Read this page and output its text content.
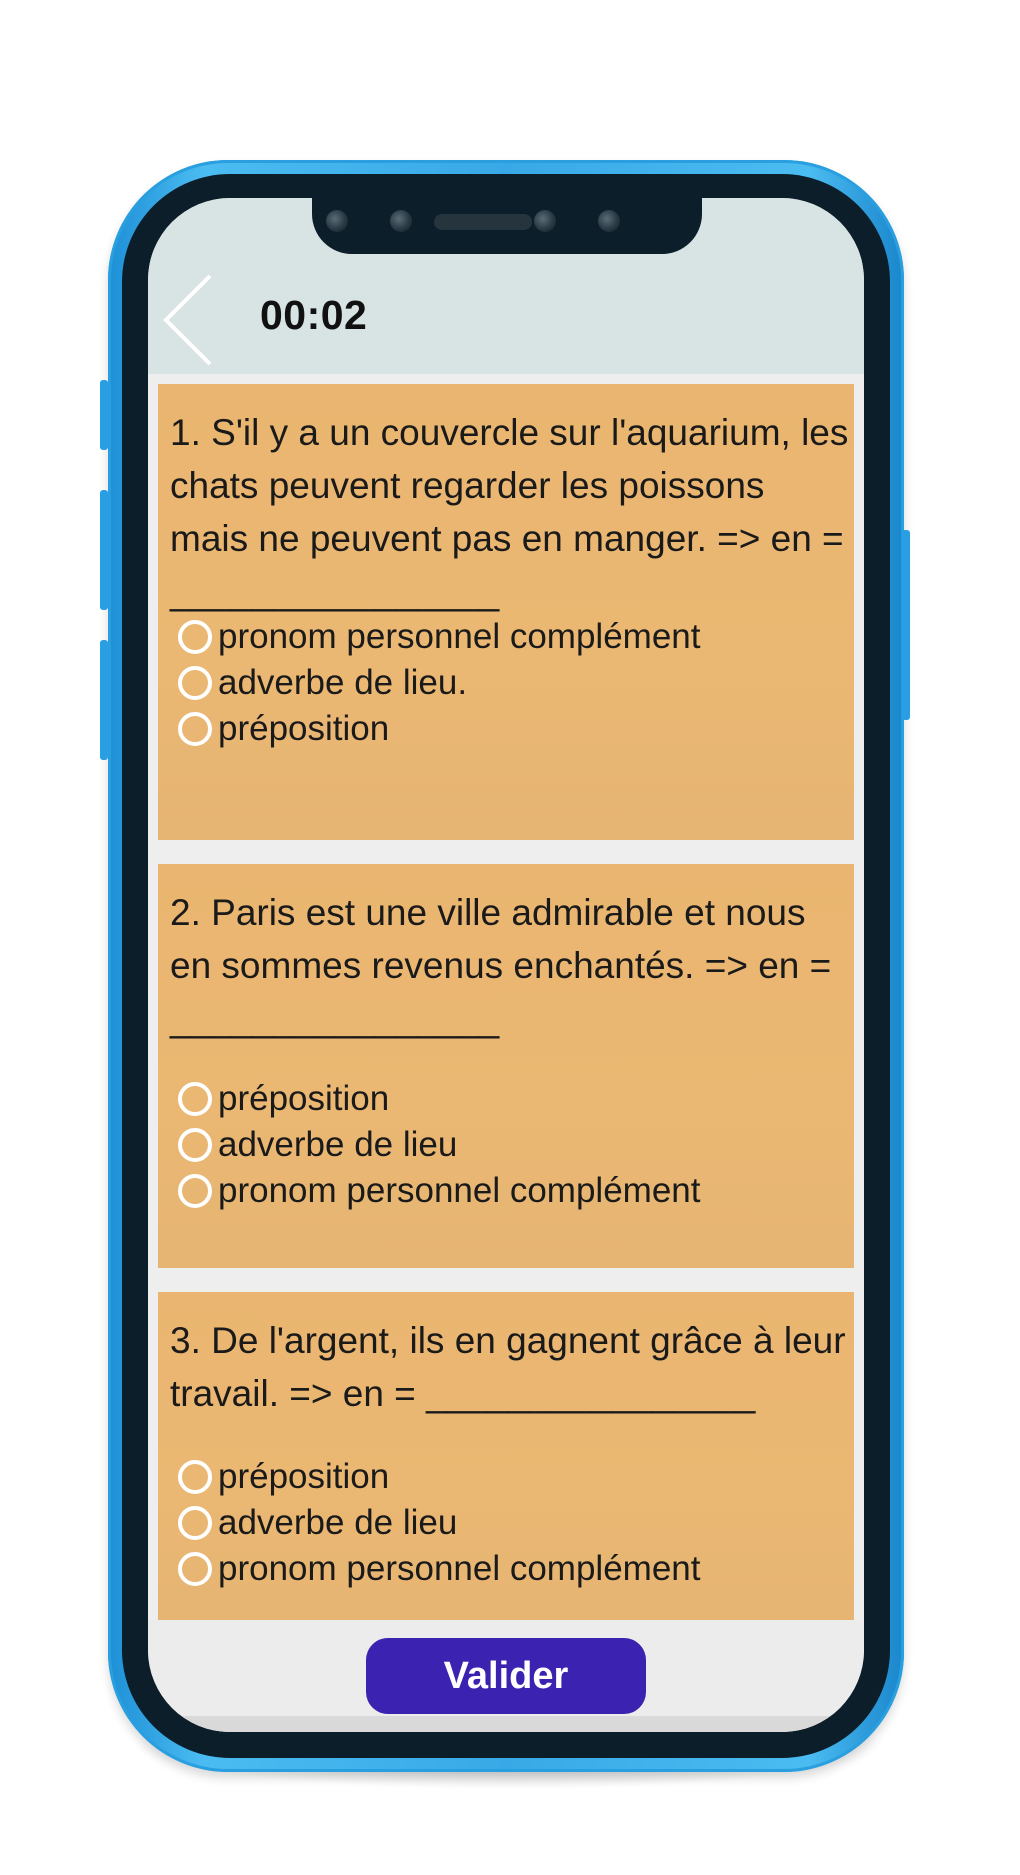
00:02

1. S'il y a un couvercle sur l'aquarium, les chats peuvent regarder les poissons mais ne peuvent pas en manger. => en = ________________

pronom personnel complément
adverbe de lieu.
préposition

2. Paris est une ville admirable et nous en sommes revenus enchantés. => en = ________________

préposition
adverbe de lieu
pronom personnel complément

3. De l'argent, ils en gagnent grâce à leur travail. => en = ________________

préposition
adverbe de lieu
pronom personnel complément
Valider
